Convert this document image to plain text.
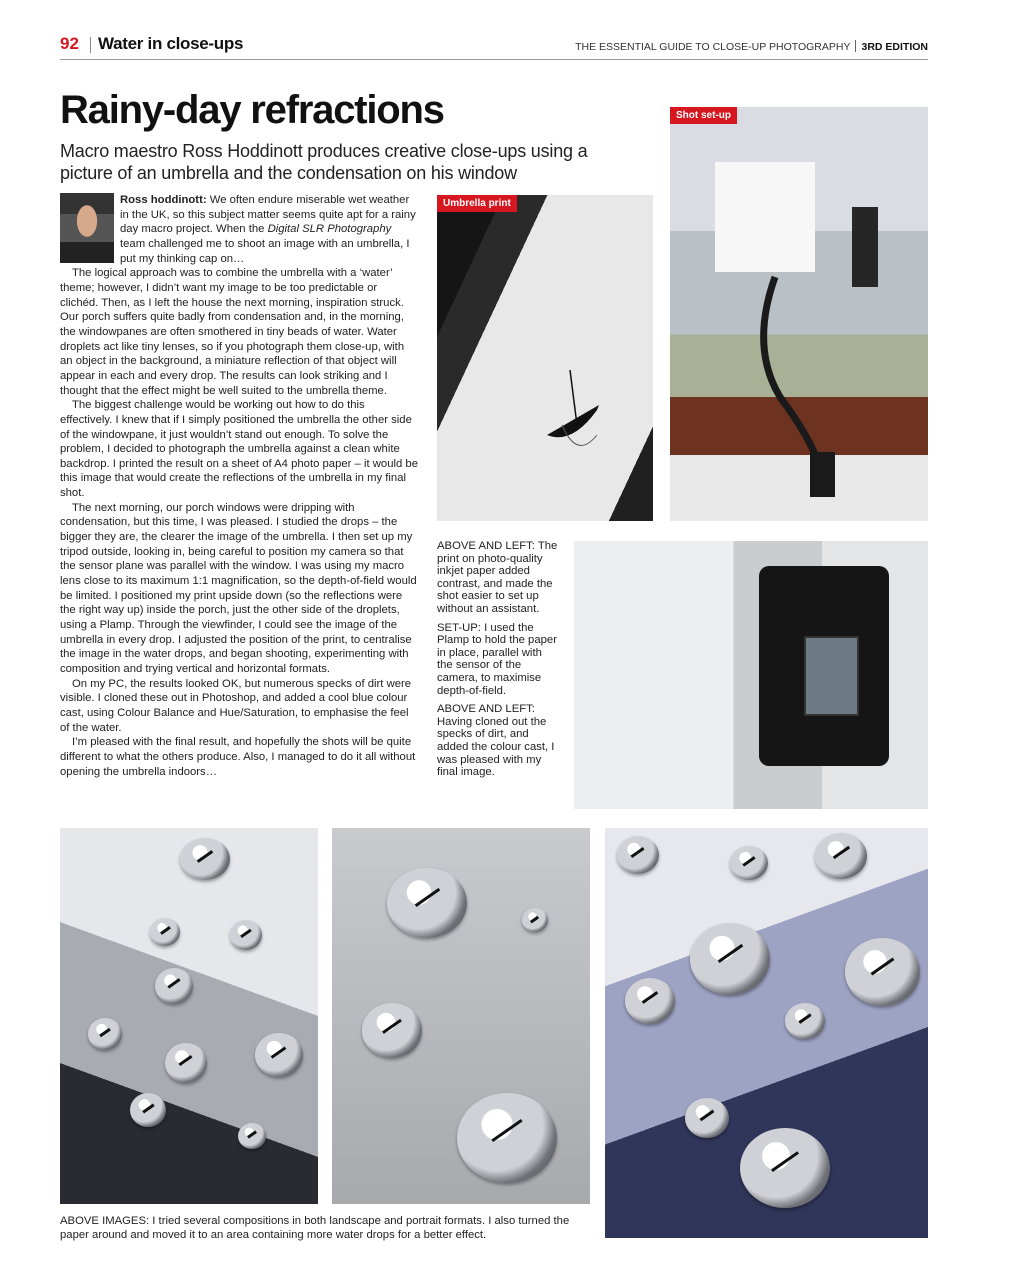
92 Water in close-ups	THE ESSENTIAL GUIDE TO CLOSE-UP PHOTOGRAPHY 3RD EDITION
Rainy-day refractions

Macro maestro Ross Hoddinott produces creative close-ups using a picture of an umbrella and the condensation on his window

Ross hoddinott: We often endure miserable wet weather in the UK, so this subject matter seems quite apt for a rainy day macro project. When the Digital SLR Photography team challenged me to shoot an image with an umbrella, I put my thinking cap on…

The logical approach was to combine the umbrella with a ‘water’ theme; however, I didn’t want my image to be too predictable or clichéd. Then, as I left the house the next morning, inspiration struck. Our porch suffers quite badly from condensation and, in the morning, the windowpanes are often smothered in tiny beads of water. Water droplets act like tiny lenses, so if you photograph them close-up, with an object in the background, a miniature reflection of that object will appear in each and every drop. The results can look striking and I thought that the effect might be well suited to the umbrella theme.

The biggest challenge would be working out how to do this effectively. I knew that if I simply positioned the umbrella the other side of the windowpane, it just wouldn’t stand out enough. To solve the problem, I decided to photograph the umbrella against a clean white backdrop. I printed the result on a sheet of A4 photo paper – it would be this image that would create the reflections of the umbrella in my final shot.

The next morning, our porch windows were dripping with condensation, but this time, I was pleased. I studied the drops – the bigger they are, the clearer the image of the umbrella. I then set up my tripod outside, looking in, being careful to position my camera so that the sensor plane was parallel with the window. I was using my macro lens close to its maximum 1:1 magnification, so the depth-of-field would be limited. I positioned my print upside down (so the reflections were the right way up) inside the porch, just the other side of the droplets, using a Plamp. Through the viewfinder, I could see the image of the umbrella in every drop. I adjusted the position of the print, to centralise the image in the water drops, and began shooting, experimenting with composition and trying vertical and horizontal formats.

On my PC, the results looked OK, but numerous specks of dirt were visible. I cloned these out in Photoshop, and added a cool blue colour cast, using Colour Balance and Hue/Saturation, to emphasise the feel of the water.

I’m pleased with the final result, and hopefully the shots will be quite different to what the others produce. Also, I managed to do it all without opening the umbrella indoors…

Umbrella print
Shot set-up

ABOVE AND LEFT: The print on photo-quality inkjet paper added contrast, and made the shot easier to set up without an assistant.

SET-UP: I used the Plamp to hold the paper in place, parallel with the sensor of the camera, to maximise depth-of-field.

ABOVE AND LEFT: Having cloned out the specks of dirt, and added the colour cast, I was pleased with my final image.

ABOVE IMAGES: I tried several compositions in both landscape and portrait formats. I also turned the paper around and moved it to an area containing more water drops for a better effect.
